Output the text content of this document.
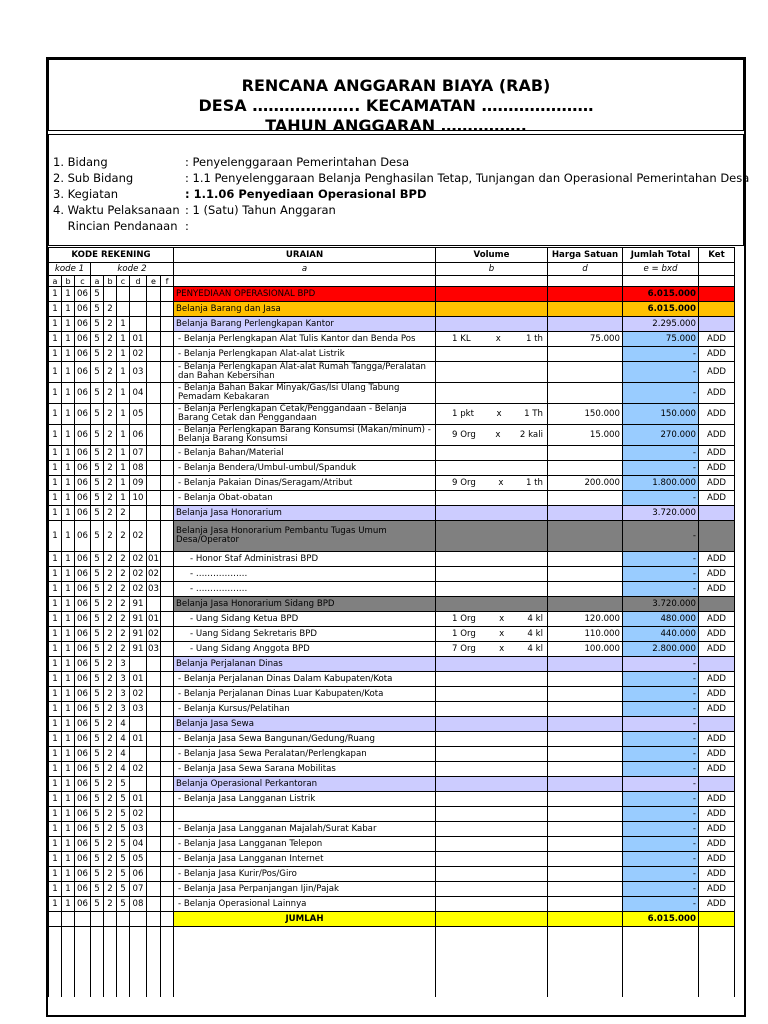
RENCANA ANGGARAN BIAYA (RAB)
DESA ……………….. KECAMATAN …………………
TAHUN ANGGARAN …………….
1. Bidang	: Penyelenggaraan Pemerintahan Desa
2. Sub Bidang	: 1.1 Penyelenggaraan Belanja Penghasilan Tetap, Tunjangan dan Operasional Pemerintahan Desa
3. Kegiatan	: 1.1.06 Penyediaan Operasional BPD
4. Waktu Pelaksanaan : 1 (Satu) Tahun Anggaran
Rincian Pendanaan :
KODE REKENING									URAIAN	Volume	Harga Satuan	Jumlah Total	Ket
kode 1			kode 2						a	b	d	e = bxd	
a	b	c	a	b	c	d	e	f					
1	1	06	5						PENYEDIAAN OPERASIONAL BPD			6.015.000	
1	1	06	5	2					Belanja Barang dan Jasa			6.015.000	
1	1	06	5	2	1				Belanja Barang Perlengkapan Kantor			2.295.000	
1	1	06	5	2	1	01			- Belanja Perlengkapan Alat Tulis Kantor dan Benda Pos	1 KL x 1 th	75.000	75.000	ADD
1	1	06	5	2	1	02			- Belanja Perlengkapan Alat-alat Listrik			-	ADD
1	1	06	5	2	1	03			- Belanja Perlengkapan Alat-alat Rumah Tangga/Peralatan dan Bahan Kebersihan			-	ADD
1	1	06	5	2	1	04			- Belanja Bahan Bakar Minyak/Gas/Isi Ulang Tabung Pemadam Kebakaran			-	ADD
1	1	06	5	2	1	05			- Belanja Perlengkapan Cetak/Penggandaan - Belanja Barang Cetak dan Penggandaan	1 pkt x 1 Th	150.000	150.000	ADD
1	1	06	5	2	1	06			- Belanja Perlengkapan Barang Konsumsi (Makan/minum) - Belanja Barang Konsumsi	9 Org x 2 kali	15.000	270.000	ADD
1	1	06	5	2	1	07			- Belanja Bahan/Material			-	ADD
1	1	06	5	2	1	08			- Belanja Bendera/Umbul-umbul/Spanduk			-	ADD
1	1	06	5	2	1	09			- Belanja Pakaian Dinas/Seragam/Atribut	9 Org x 1 th	200.000	1.800.000	ADD
1	1	06	5	2	1	10			- Belanja Obat-obatan			-	ADD
1	1	06	5	2	2				Belanja Jasa Honorarium			3.720.000	
1	1	06	5	2	2	02			Belanja Jasa Honorarium Pembantu Tugas Umum Desa/Operator			-	
1	1	06	5	2	2	02	01		- Honor Staf Administrasi BPD			-	ADD
1	1	06	5	2	2	02	02		- ………………			-	ADD
1	1	06	5	2	2	02	03		- ………………			-	ADD
1	1	06	5	2	2	91			Belanja Jasa Honorarium Sidang BPD			3.720.000	
1	1	06	5	2	2	91	01		- Uang Sidang Ketua BPD	1 Org x 4 kl	120.000	480.000	ADD
1	1	06	5	2	2	91	02		- Uang Sidang Sekretaris BPD	1 Org x 4 kl	110.000	440.000	ADD
1	1	06	5	2	2	91	03		- Uang Sidang Anggota BPD	7 Org x 4 kl	100.000	2.800.000	ADD
1	1	06	5	2	3				Belanja Perjalanan Dinas			-	
1	1	06	5	2	3	01			- Belanja Perjalanan Dinas Dalam Kabupaten/Kota			-	ADD
1	1	06	5	2	3	02			- Belanja Perjalanan Dinas Luar Kabupaten/Kota			-	ADD
1	1	06	5	2	3	03			- Belanja Kursus/Pelatihan			-	ADD
1	1	06	5	2	4				Belanja Jasa Sewa			-	
1	1	06	5	2	4	01			- Belanja Jasa Sewa Bangunan/Gedung/Ruang			-	ADD
1	1	06	5	2	4				- Belanja Jasa Sewa Peralatan/Perlengkapan			-	ADD
1	1	06	5	2	4	02			- Belanja Jasa Sewa Sarana Mobilitas			-	ADD
1	1	06	5	2	5				Belanja Operasional Perkantoran			-	
1	1	06	5	2	5	01			- Belanja Jasa Langganan Listrik			-	ADD
1	1	06	5	2	5	02						-	ADD
1	1	06	5	2	5	03			- Belanja Jasa Langganan Majalah/Surat Kabar			-	ADD
1	1	06	5	2	5	04			- Belanja Jasa Langganan Telepon			-	ADD
1	1	06	5	2	5	05			- Belanja Jasa Langganan Internet			-	ADD
1	1	06	5	2	5	06			- Belanja Jasa Kurir/Pos/Giro			-	ADD
1	1	06	5	2	5	07			- Belanja Jasa Perpanjangan Ijin/Pajak			-	ADD
1	1	06	5	2	5	08			- Belanja Operasional Lainnya			-	ADD
									JUMLAH			6.015.000	
